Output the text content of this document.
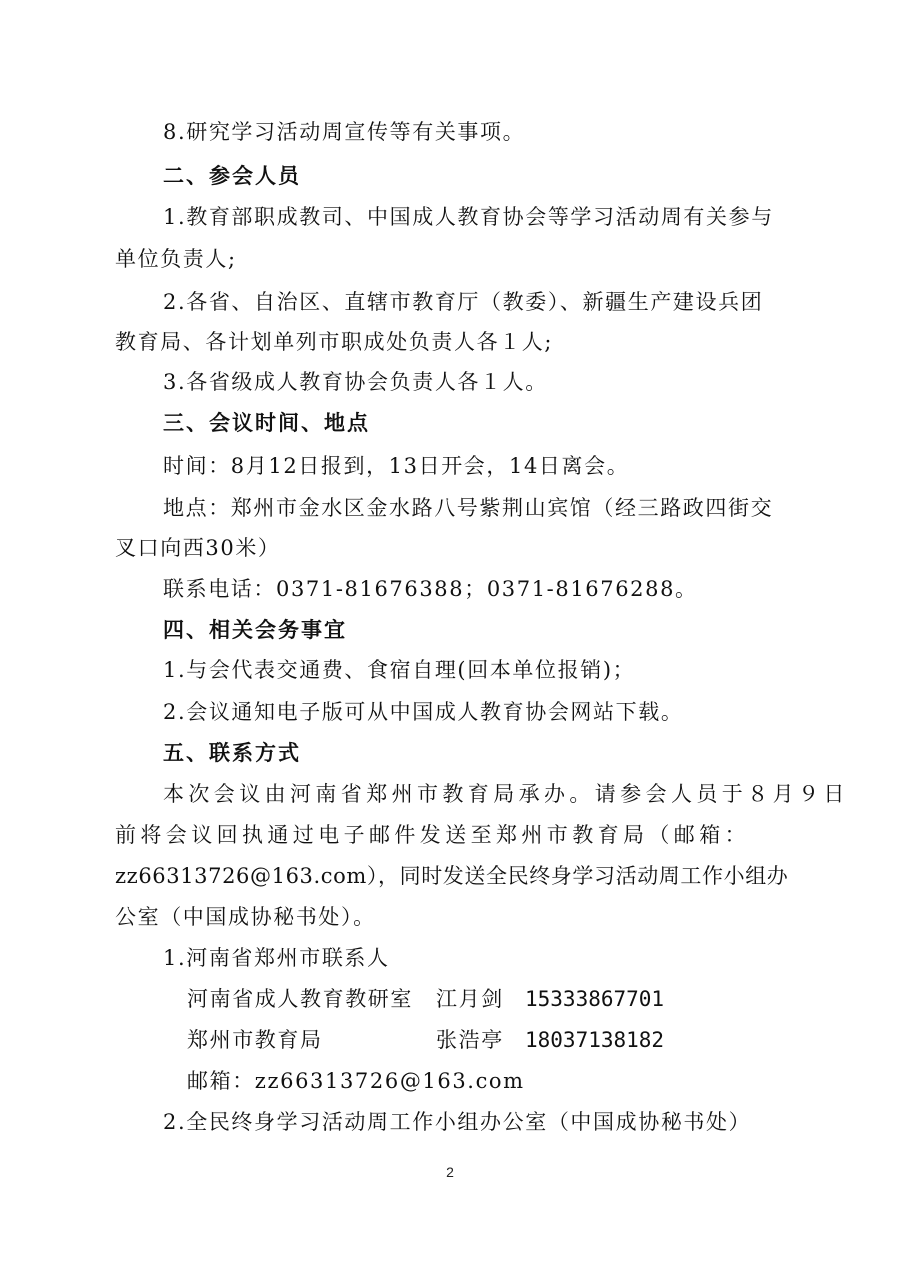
8.研究学习活动周宣传等有关事项。
二、参会人员
1.教育部职成教司、中国成人教育协会等学习活动周有关参与
单位负责人;
2.各省、自治区、直辖市教育厅（教委）、新疆生产建设兵团
教育局、各计划单列市职成处负责人各１人;
3.各省级成人教育协会负责人各１人。
三、会议时间、地点
时间：8月12日报到，13日开会，14日离会。
地点：郑州市金水区金水路八号紫荆山宾馆（经三路政四街交
叉口向西30米）
联系电话：0371-81676388；0371-81676288。
四、相关会务事宜
1.与会代表交通费、食宿自理(回本单位报销)；
2.会议通知电子版可从中国成人教育协会网站下载。
五、联系方式
本次会议由河南省郑州市教育局承办。请参会人员于８月９日
前将会议回执通过电子邮件发送至郑州市教育局（邮箱：
zz66313726@163.com），同时发送全民终身学习活动周工作小组办
公室（中国成协秘书处）。
1.河南省郑州市联系人
河南省成人教育教研室 江月剑 15333867701
郑州市教育局	张浩亭 18037138182
邮箱：zz66313726@163.com
2.全民终身学习活动周工作小组办公室（中国成协秘书处）
2
